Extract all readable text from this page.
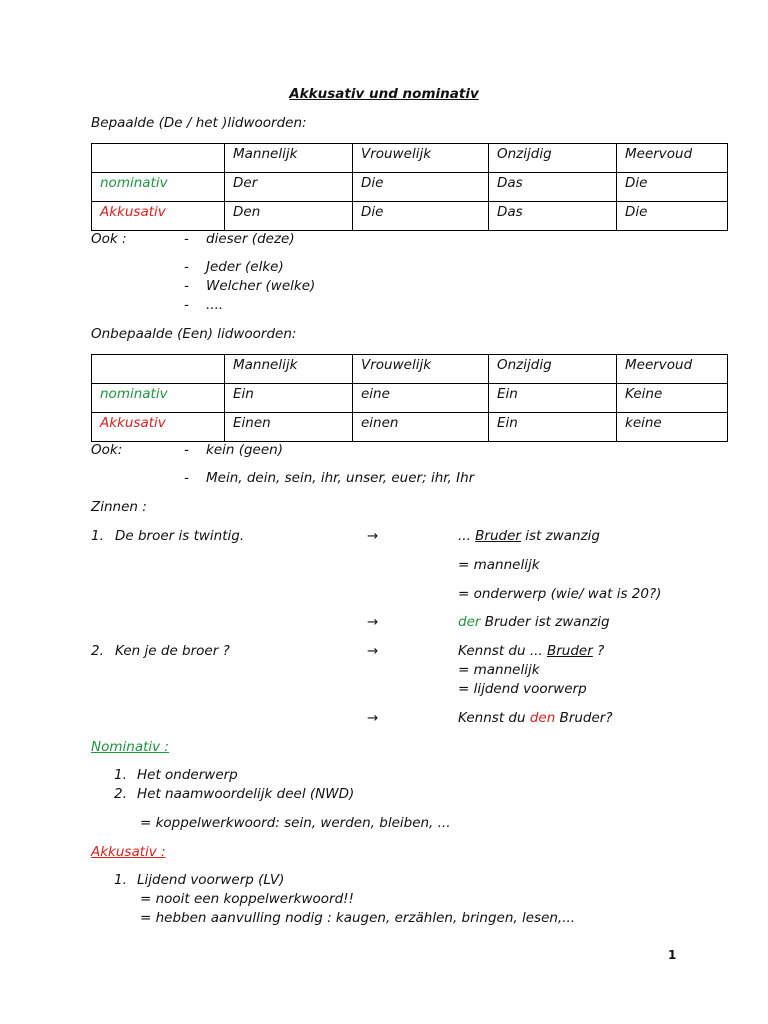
Akkusativ und nominativ
Bepaalde (De / het )lidwoorden:
	Mannelijk	Vrouwelijk	Onzijdig	Meervoud
nominativ	Der	Die	Das	Die
Akkusativ	Den	Die	Das	Die
Ook :	- dieser (deze)
- Jeder (elke)
- Welcher (welke)
- ....
Onbepaalde (Een) lidwoorden:
	Mannelijk	Vrouwelijk	Onzijdig	Meervoud
nominativ	Ein	eine	Ein	Keine
Akkusativ	Einen	einen	Ein	keine
Ook:	- kein (geen)
- Mein, dein, sein, ihr, unser, euer; ihr, Ihr
Zinnen :
1. De broer is twintig.	→	... Bruder ist zwanzig
= mannelijk
= onderwerp (wie/ wat is 20?)
→	der Bruder ist zwanzig
2. Ken je de broer ?	→	Kennst du ... Bruder ?
= mannelijk
= lijdend voorwerp
→	Kennst du den Bruder?
Nominativ :
1. Het onderwerp
2. Het naamwoordelijk deel (NWD)
= koppelwerkwoord: sein, werden, bleiben, ...
Akkusativ :
1. Lijdend voorwerp (LV)
= nooit een koppelwerkwoord!!
= hebben aanvulling nodig : kaugen, erzählen, bringen, lesen,...
1
